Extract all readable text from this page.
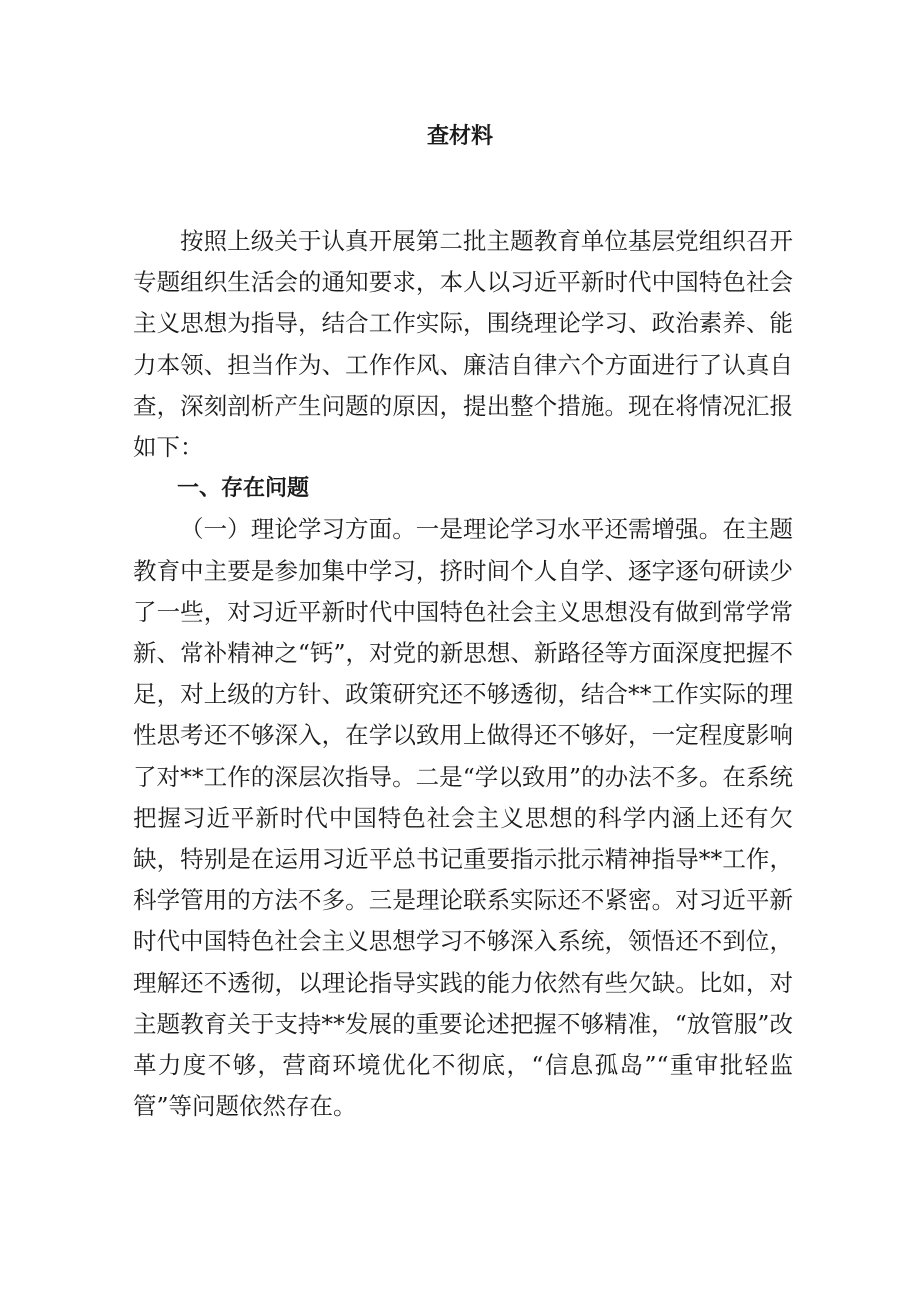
查材料

按照上级关于认真开展第二批主题教育单位基层党组织召开专题组织生活会的通知要求，本人以习近平新时代中国特色社会主义思想为指导，结合工作实际，围绕理论学习、政治素养、能力本领、担当作为、工作作风、廉洁自律六个方面进行了认真自查，深刻剖析产生问题的原因，提出整个措施。现在将情况汇报如下：

一、存在问题

（一）理论学习方面。一是理论学习水平还需增强。在主题教育中主要是参加集中学习，挤时间个人自学、逐字逐句研读少了一些，对习近平新时代中国特色社会主义思想没有做到常学常新、常补精神之“钙”，对党的新思想、新路径等方面深度把握不足，对上级的方针、政策研究还不够透彻，结合**工作实际的理性思考还不够深入，在学以致用上做得还不够好，一定程度影响了对**工作的深层次指导。二是“学以致用”的办法不多。在系统把握习近平新时代中国特色社会主义思想的科学内涵上还有欠缺，特别是在运用习近平总书记重要指示批示精神指导**工作，科学管用的方法不多。三是理论联系实际还不紧密。对习近平新时代中国特色社会主义思想学习不够深入系统，领悟还不到位，理解还不透彻，以理论指导实践的能力依然有些欠缺。比如，对主题教育关于支持**发展的重要论述把握不够精准，“放管服”改革力度不够，营商环境优化不彻底，“信息孤岛”“重审批轻监管”等问题依然存在。
